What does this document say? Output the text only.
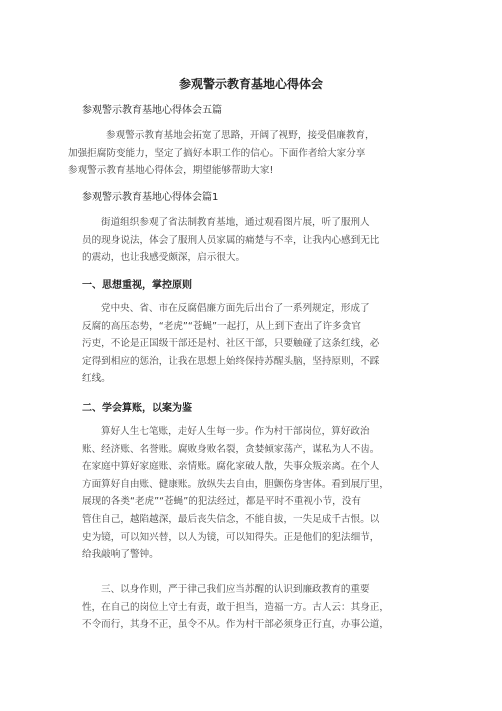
参观警示教育基地心得体会
参观警示教育基地心得体会五篇
参观警示教育基地会拓宽了思路，开阔了视野，接受倡廉教育，
加强拒腐防变能力，坚定了搞好本职工作的信心。下面作者给大家分享
参观警示教育基地心得体会，期望能够帮助大家!
参观警示教育基地心得体会篇1
街道组织参观了省法制教育基地，通过观看图片展，听了服刑人
员的现身说法，体会了服刑人员家属的痛楚与不幸，让我内心感到无比
的震动，也让我感受颇深，启示很大。
一、思想重视，掌控原则
党中央、省、市在反腐倡廉方面先后出台了一系列规定，形成了
反腐的高压态势，“老虎”“苍蝇”一起打，从上到下查出了许多贪官
污吏，不论是正国级干部还是村、社区干部，只要触碰了这条红线，必
定得到相应的惩治，让我在思想上始终保持苏醒头脑，坚持原则，不踩
红线。
二、学会算账，以案为鉴
算好人生七笔账，走好人生每一步。作为村干部岗位，算好政治
账、经济账、名誉账。腐败身败名裂，贪婪倾家荡产，谋私为人不齿。
在家庭中算好家庭账、亲情账。腐化家破人散，失事众叛亲离。在个人
方面算好自由账、健康账。放纵失去自由，胆颤伤身害体。看到展厅里，
展现的各类“老虎”“苍蝇”的犯法经过，都是平时不重视小节，没有
管住自己，越陷越深，最后丧失信念，不能自拔，一失足成千古恨。以
史为镜，可以知兴替，以人为镜，可以知得失。正是他们的犯法细节，
给我敲响了警钟。
三、以身作则，严于律己我们应当苏醒的认识到廉政教育的重要
性，在自己的岗位上守土有责，敢于担当，造福一方。古人云：其身正，
不令而行，其身不正，虽令不从。作为村干部必须身正行直，办事公道，
